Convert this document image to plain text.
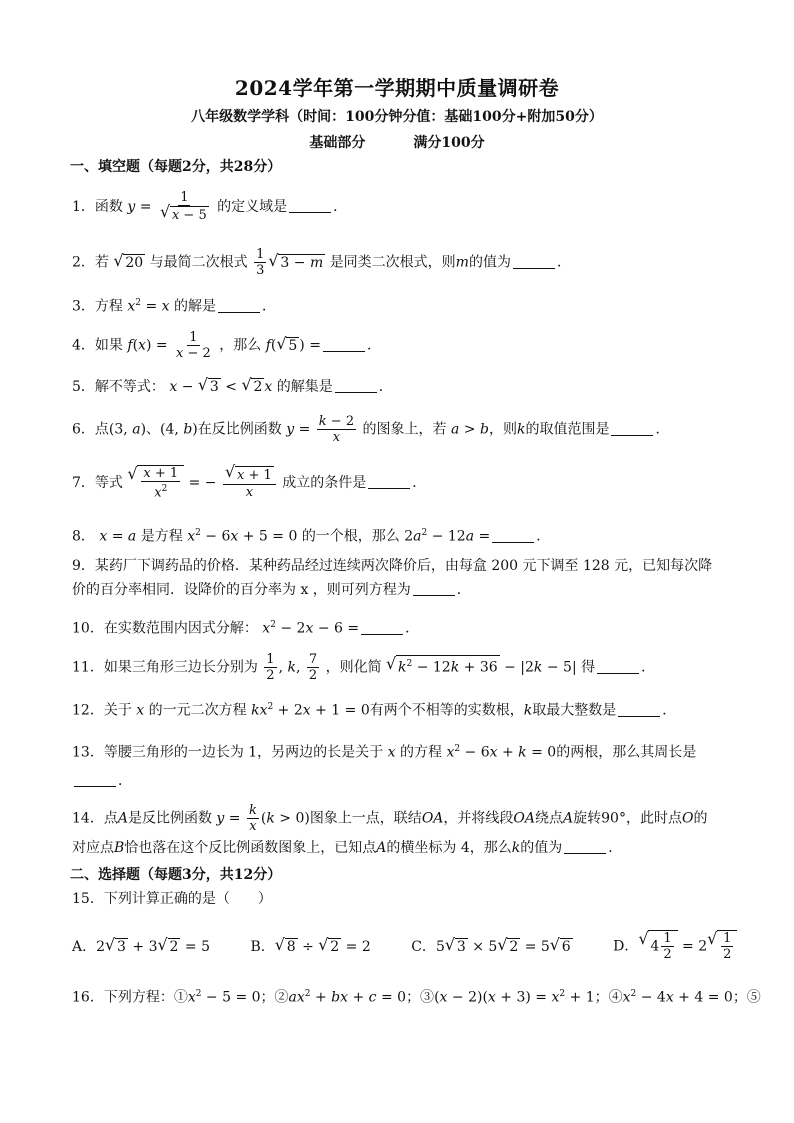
2024学年第一学期期中质量调研卷
八年级数学学科（时间：100分钟分值：基础100分+附加50分）
基础部分	满分100分
一、填空题（每题2分，共28分）
1．函数 y = 1
√ x − 5 的定义域是	．
2．若 √ 20 与最简二次根式 $\frac{1}{3}$ √ 3 − m 是同类二次根式，则m的值为	．
3．方程 $x^2 = x$ 的解是	．
4．如果 $f(x) = \frac{1}{x - 2}$ ，那么 f( √ 5 ) =	．
5．解不等式： x − √ 3 < √ 2 x 的解集是	．
6．点(3, a)、(4, b)在反比例函数 $y = \frac{k - 2}{x}$ 的图象上，若 a > b，则k的取值范围是	．
7．等式 √ $\frac{x + 1}{x^2}$ = − √ $\frac{x + 1}{x}$ 成立的条件是	．
8． x = a 是方程 $x^2 - 6x + 5 = 0$ 的一个根，那么 $2a^2 - 12a$ =	．
9．某药厂下调药品的价格．某种药品经过连续两次降价后，由每盒 200 元下调至 128 元，已知每次降价的百分率相同．设降价的百分率为 x ，则可列方程为	．
10．在实数范围内因式分解： $x^2 - 2x - 6$ =	．
11．如果三角形三边长分别为 $\frac{1}{2}$ , k, $\frac{7}{2}$ ，则化简 √ $k^2 - 12k + 36 - |2k - 5|$ 得	．
12．关于 x 的一元二次方程 $kx^2 + 2x + 1 = 0$有两个不相等的实数根，k取最大整数是	．
13．等腰三角形的一边长为 1，另两边的长是关于 x 的方程 $x^2 - 6x + k = 0$的两根，那么其周长是
．
14．点A是反比例函数 $y = \frac{k}{x} (k > 0)$图象上一点，联结OA，并将线段OA绕点A旋转90°，此时点O的
对应点B恰也落在这个反比例函数图象上，已知点A的横坐标为 4，那么k的值为	．
二、选择题（每题3分，共12分）
15．下列计算正确的是（　　）
A．2 √ 3 + 3 √ 2 = 5	B． √ 8 ÷ √ 2 = 2	C．5 √ 3 × 5 √ 2 = 5 √ 6	D． √ $4 \frac{1}{2} = 2$ √ $\frac{1}{2}$
16．下列方程：$①x^2 - 5 = 0$；$②ax^2$ + bx + c = 0；③(x − $2)(x + 3) = x^2 + 1$；$④x^2 - 4x + 4 = 0$；⑤
